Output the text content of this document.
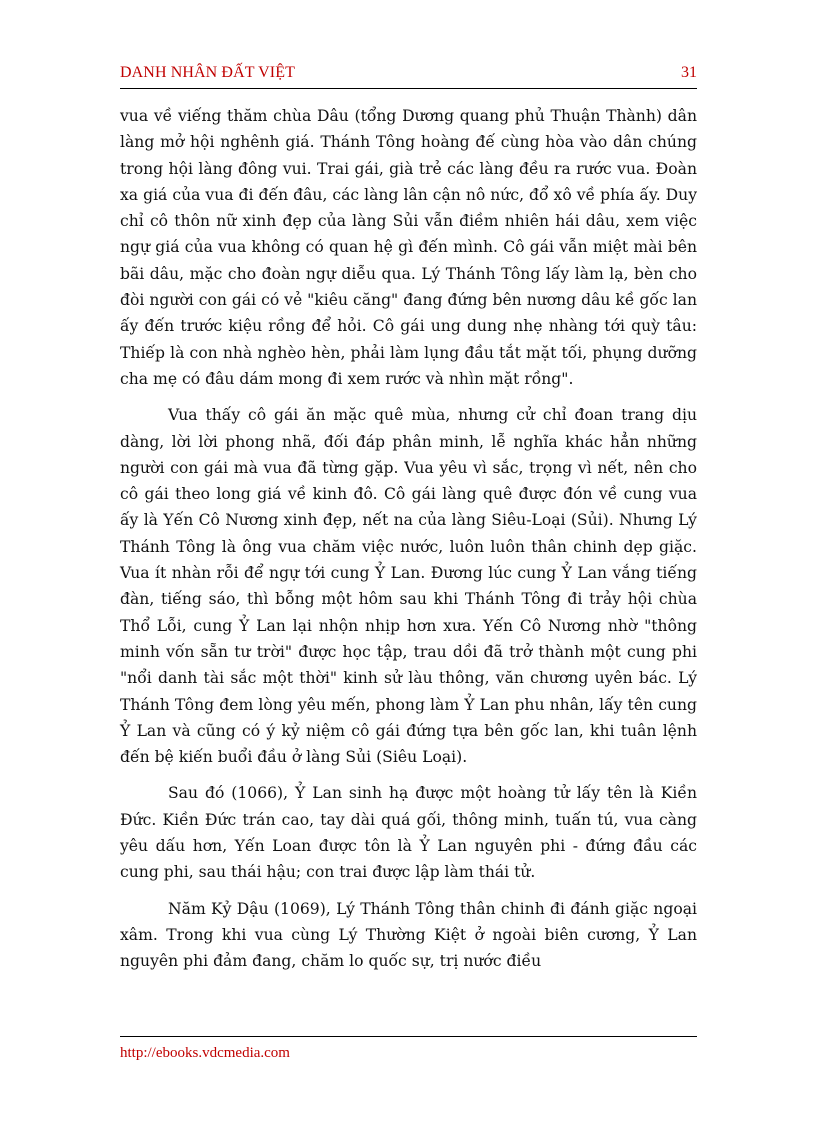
DANH NHÂN ĐẤT VIỆT	31

vua về viếng thăm chùa Dâu (tổng Dương quang phủ Thuận Thành) dân làng mở hội nghênh giá. Thánh Tông hoàng đế cùng hòa vào dân chúng trong hội làng đông vui. Trai gái, già trẻ các làng đều ra rước vua. Đoàn xa giá của vua đi đến đâu, các làng lân cận nô nức, đổ xô về phía ấy. Duy chỉ cô thôn nữ xinh đẹp của làng Sủi vẫn điềm nhiên hái dâu, xem việc ngự giá của vua không có quan hệ gì đến mình. Cô gái vẫn miệt mài bên bãi dâu, mặc cho đoàn ngự diễu qua. Lý Thánh Tông lấy làm lạ, bèn cho đòi người con gái có vẻ "kiêu căng" đang đứng bên nương dâu kề gốc lan ấy đến trước kiệu rồng để hỏi. Cô gái ung dung nhẹ nhàng tới quỳ tâu: Thiếp là con nhà nghèo hèn, phải làm lụng đầu tắt mặt tối, phụng dưỡng cha mẹ có đâu dám mong đi xem rước và nhìn mặt rồng".

Vua thấy cô gái ăn mặc quê mùa, nhưng cử chỉ đoan trang dịu dàng, lời lời phong nhã, đối đáp phân minh, lễ nghĩa khác hẳn những người con gái mà vua đã từng gặp. Vua yêu vì sắc, trọng vì nết, nên cho cô gái theo long giá về kinh đô. Cô gái làng quê được đón về cung vua ấy là Yến Cô Nương xinh đẹp, nết na của làng Siêu-Loại (Sủi). Nhưng Lý Thánh Tông là ông vua chăm việc nước, luôn luôn thân chinh dẹp giặc. Vua ít nhàn rỗi để ngự tới cung Ỷ Lan. Đương lúc cung Ỷ Lan vắng tiếng đàn, tiếng sáo, thì bỗng một hôm sau khi Thánh Tông đi trảy hội chùa Thổ Lỗi, cung Ỷ Lan lại nhộn nhịp hơn xưa. Yến Cô Nương nhờ "thông minh vốn sẵn tư trời" được học tập, trau dồi đã trở thành một cung phi "nổi danh tài sắc một thời" kinh sử làu thông, văn chương uyên bác. Lý Thánh Tông đem lòng yêu mến, phong làm Ỷ Lan phu nhân, lấy tên cung Ỷ Lan và cũng có ý kỷ niệm cô gái đứng tựa bên gốc lan, khi tuân lệnh đến bệ kiến buổi đầu ở làng Sủi (Siêu Loại).

Sau đó (1066), Ỷ Lan sinh hạ được một hoàng tử lấy tên là Kiền Đức. Kiền Đức trán cao, tay dài quá gối, thông minh, tuấn tú, vua càng yêu dấu hơn, Yến Loan được tôn là Ỷ Lan nguyên phi - đứng đầu các cung phi, sau thái hậu; con trai được lập làm thái tử.

Năm Kỷ Dậu (1069), Lý Thánh Tông thân chinh đi đánh giặc ngoại xâm. Trong khi vua cùng Lý Thường Kiệt ở ngoài biên cương, Ỷ Lan nguyên phi đảm đang, chăm lo quốc sự, trị nước điều

http://ebooks.vdcmedia.com
